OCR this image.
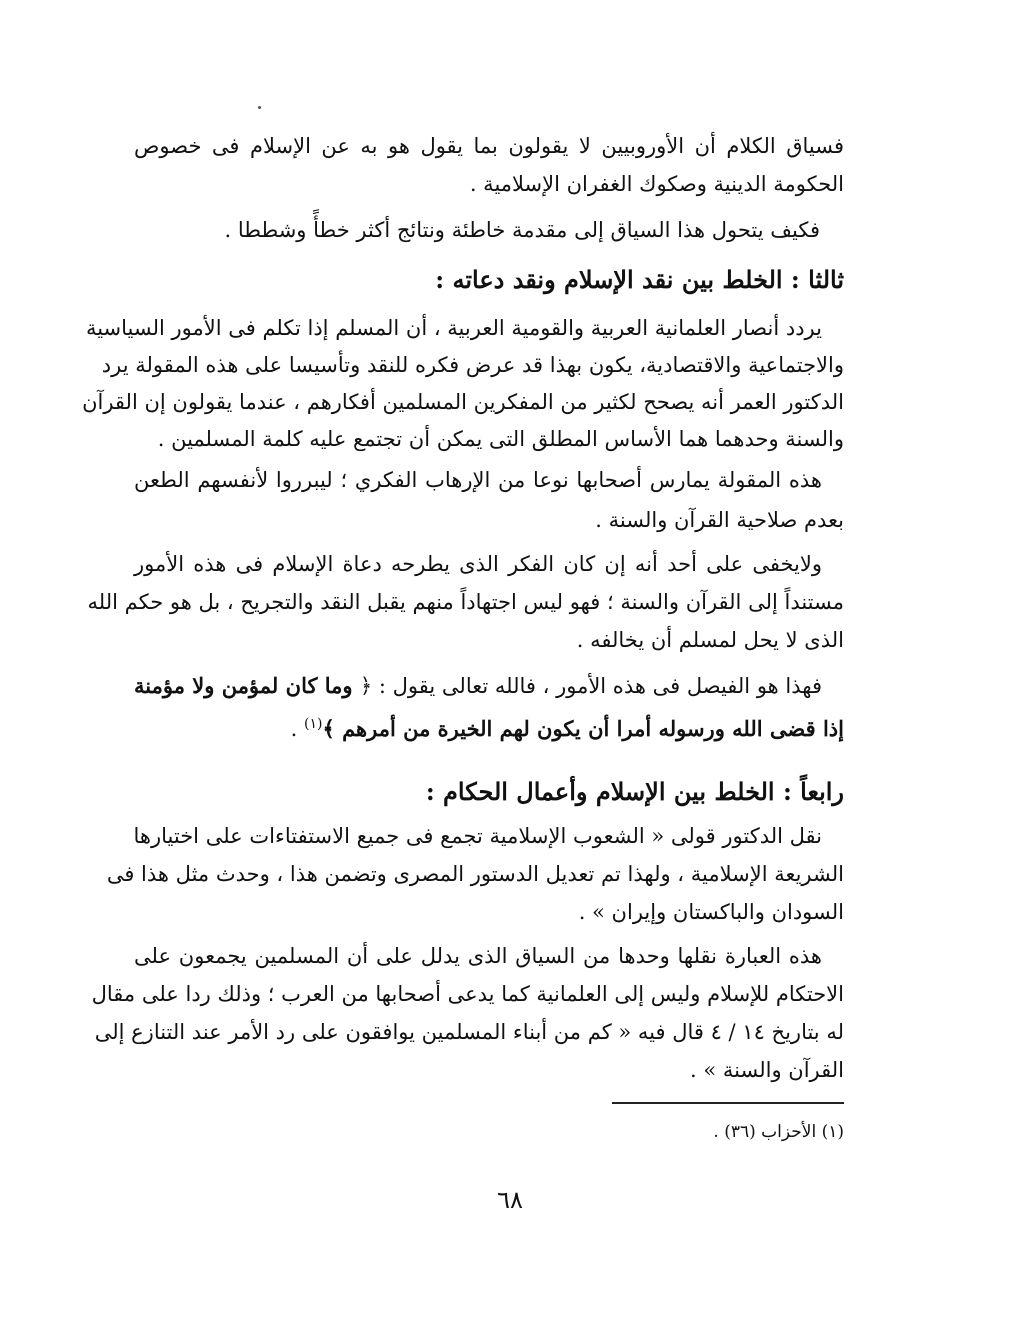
فسياق الكلام أن الأوروبيين لا يقولون بما يقول هو به عن الإسلام فى خصوص
الحكومة الدينية وصكوك الغفران الإسلامية .
فكيف يتحول هذا السياق إلى مقدمة خاطئة ونتائج أكثر خطأً وشططا .
ثالثا : الخلط بين نقد الإسلام ونقد دعاته :
يردد أنصار العلمانية العربية والقومية العربية ، أن المسلم إذا تكلم فى الأمور السياسية
والاجتماعية والاقتصادية، يكون بهذا قد عرض فكره للنقد وتأسيسا على هذه المقولة يرد
الدكتور العمر أنه يصحح لكثير من المفكرين المسلمين أفكارهم ، عندما يقولون إن القرآن
والسنة وحدهما هما الأساس المطلق التى يمكن أن تجتمع عليه كلمة المسلمين .
هذه المقولة يمارس أصحابها نوعا من الإرهاب الفكري ؛ ليبرروا لأنفسهم الطعن
بعدم صلاحية القرآن والسنة .
ولايخفى على أحد أنه إن كان الفكر الذى يطرحه دعاة الإسلام فى هذه الأمور
مستنداً إلى القرآن والسنة ؛ فهو ليس اجتهاداً منهم يقبل النقد والتجريح ، بل هو حكم الله
الذى لا يحل لمسلم أن يخالفه .
فهذا هو الفيصل فى هذه الأمور ، فالله تعالى يقول : ﴿ وما كان لمؤمن ولا مؤمنة
إذا قضى الله ورسوله أمرا أن يكون لهم الخيرة من أمرهم ﴾$^{(١)}$ .
رابعاً : الخلط بين الإسلام وأعمال الحكام :
نقل الدكتور قولى « الشعوب الإسلامية تجمع فى جميع الاستفتاءات على اختيارها
الشريعة الإسلامية ، ولهذا تم تعديل الدستور المصرى وتضمن هذا ، وحدث مثل هذا فى
السودان والباكستان وإيران » .
هذه العبارة نقلها وحدها من السياق الذى يدلل على أن المسلمين يجمعون على
الاحتكام للإسلام وليس إلى العلمانية كما يدعى أصحابها من العرب ؛ وذلك ردا على مقال
له بتاريخ ١٤ / ٤ قال فيه « كم من أبناء المسلمين يوافقون على رد الأمر عند التنازع إلى
القرآن والسنة » .
(١) الأحزاب (٣٦) .
٦٨
